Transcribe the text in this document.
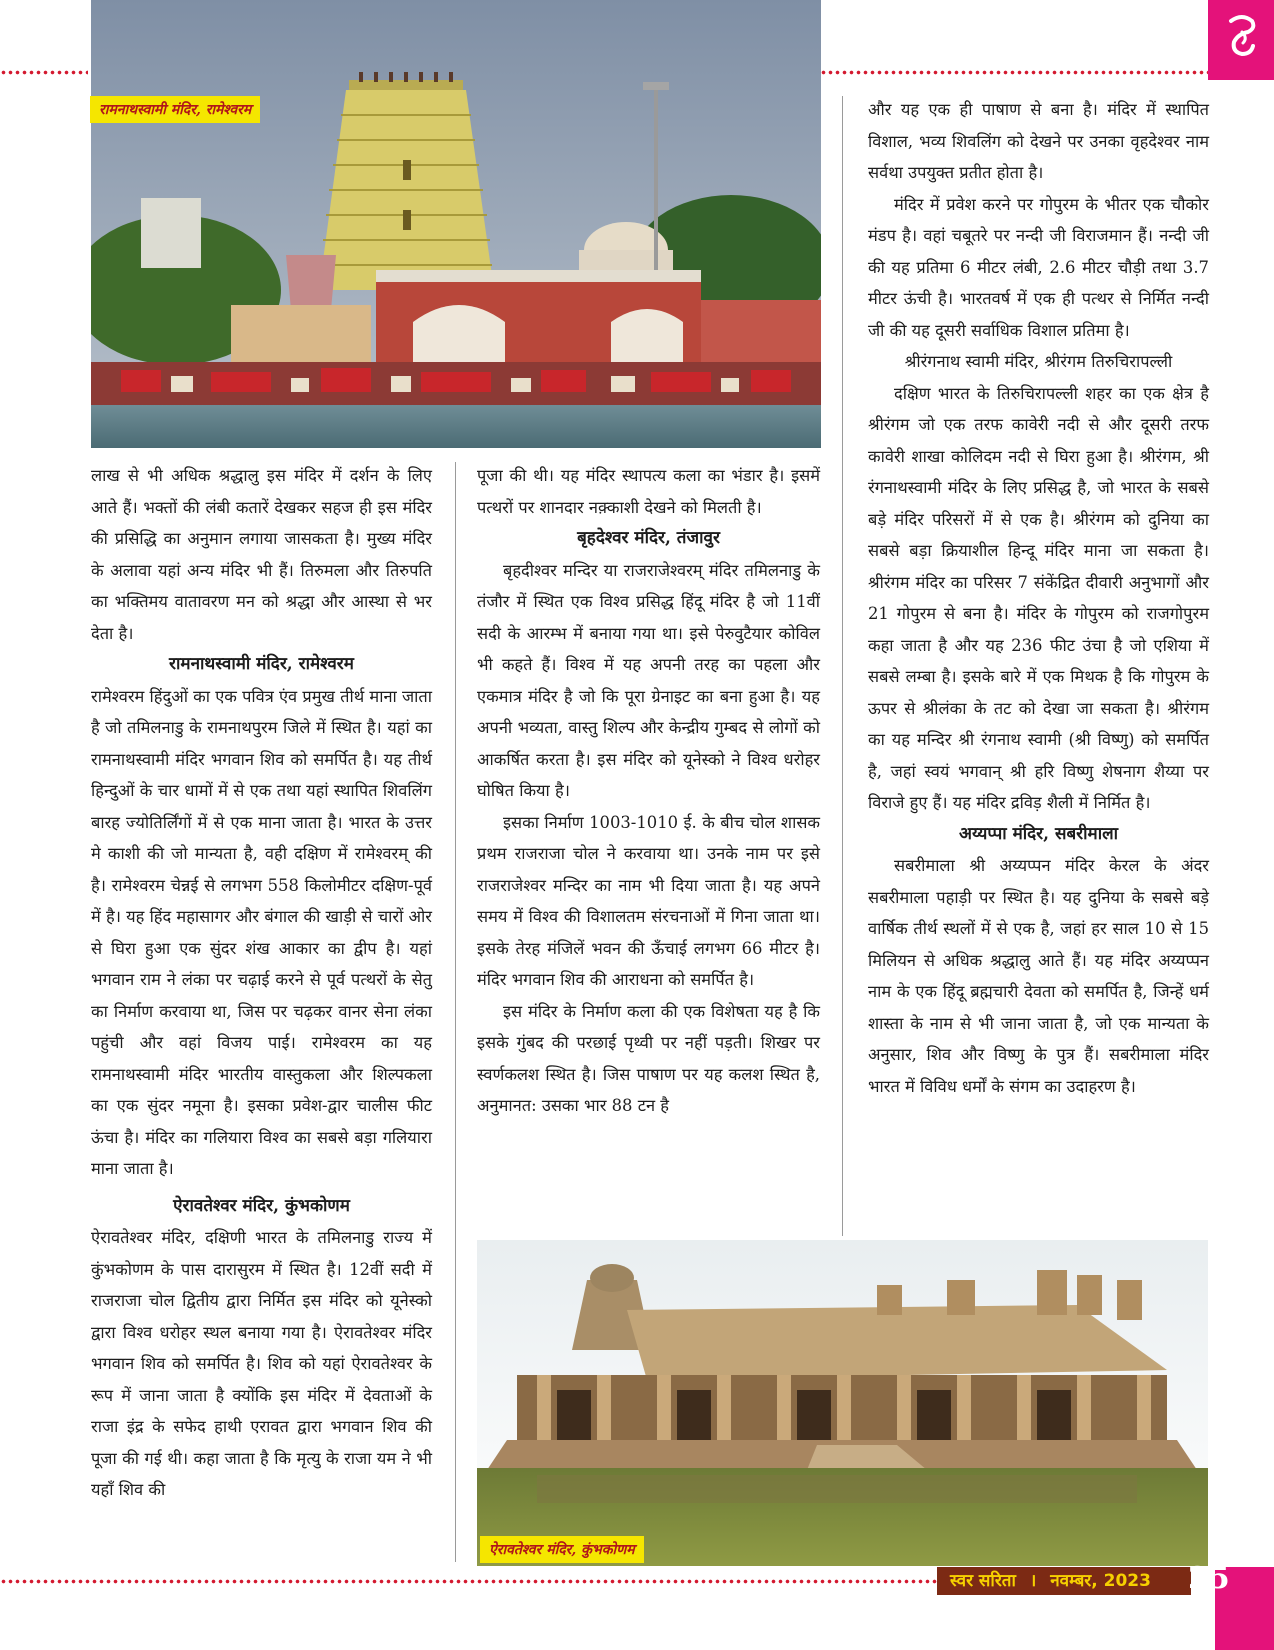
रामनाथस्वामी मंदिर, रामेश्वरम

लाख से भी अधिक श्रद्धालु इस मंदिर में दर्शन के लिए आते हैं। भक्तों की लंबी कतारें देखकर सहज ही इस मंदिर की प्रसिद्धि का अनुमान लगाया जासकता है। मुख्य मंदिर के अलावा यहां अन्य मंदिर भी हैं। तिरुमला और तिरुपति का भक्तिमय वातावरण मन को श्रद्धा और आस्था से भर देता है।

रामनाथस्वामी मंदिर, रामेश्वरम

रामेश्वरम हिंदुओं का एक पवित्र एंव प्रमुख तीर्थ माना जाता है जो तमिलनाडु के रामनाथपुरम जिले में स्थित है। यहां का रामनाथस्वामी मंदिर भगवान शिव को समर्पित है। यह तीर्थ हिन्दुओं के चार धामों में से एक तथा यहां स्थापित शिवलिंग बारह ज्योतिर्लिंगों में से एक माना जाता है। भारत के उत्तर मे काशी की जो मान्यता है, वही दक्षिण में रामेश्वरम् की है। रामेश्वरम चेन्नई से लगभग 558 किलोमीटर दक्षिण-पूर्व में है। यह हिंद महासागर और बंगाल की खाड़ी से चारों ओर से घिरा हुआ एक सुंदर शंख आकार का द्वीप है। यहां भगवान राम ने लंका पर चढ़ाई करने से पूर्व पत्थरों के सेतु का निर्माण करवाया था, जिस पर चढ़कर वानर सेना लंका पहुंची और वहां विजय पाई। रामेश्वरम का यह रामनाथस्वामी मंदिर भारतीय वास्तुकला और शिल्पकला का एक सुंदर नमूना है। इसका प्रवेश-द्वार चालीस फीट ऊंचा है। मंदिर का गलियारा विश्व का सबसे बड़ा गलियारा माना जाता है।

ऐरावतेश्वर मंदिर, कुंभकोणम

ऐरावतेश्वर मंदिर, दक्षिणी भारत के तमिलनाडु राज्य में कुंभकोणम के पास दारासुरम में स्थित है। 12वीं सदी में राजराजा चोल द्वितीय द्वारा निर्मित इस मंदिर को यूनेस्को द्वारा विश्व धरोहर स्थल बनाया गया है। ऐरावतेश्वर मंदिर भगवान शिव को समर्पित है। शिव को यहां ऐरावतेश्वर के रूप में जाना जाता है क्योंकि इस मंदिर में देवताओं के राजा इंद्र के सफेद हाथी एरावत द्वारा भगवान शिव की पूजा की गई थी। कहा जाता है कि मृत्यु के राजा यम ने भी यहाँ शिव की

पूजा की थी। यह मंदिर स्थापत्य कला का भंडार है। इसमें पत्थरों पर शानदार नक़्काशी देखने को मिलती है।

बृहदेश्वर मंदिर, तंजावुर

बृहदीश्वर मन्दिर या राजराजेश्वरम् मंदिर तमिलनाडु के तंजौर में स्थित एक विश्व प्रसिद्ध हिंदू मंदिर है जो 11वीं सदी के आरम्भ में बनाया गया था। इसे पेरुवुटैयार कोविल भी कहते हैं। विश्व में यह अपनी तरह का पहला और एकमात्र मंदिर है जो कि पूरा ग्रेनाइट का बना हुआ है। यह अपनी भव्यता, वास्तु शिल्प और केन्द्रीय गुम्बद से लोगों को आकर्षित करता है। इस मंदिर को यूनेस्को ने विश्व धरोहर घोषित किया है।

इसका निर्माण 1003-1010 ई. के बीच चोल शासक प्रथम राजराजा चोल ने करवाया था। उनके नाम पर इसे राजराजेश्वर मन्दिर का नाम भी दिया जाता है। यह अपने समय में विश्व की विशालतम संरचनाओं में गिना जाता था। इसके तेरह मंजिलें भवन की ऊँचाई लगभग 66 मीटर है। मंदिर भगवान शिव की आराधना को समर्पित है।

इस मंदिर के निर्माण कला की एक विशेषता यह है कि इसके गुंबद की परछाई पृथ्वी पर नहीं पड़ती। शिखर पर स्वर्णकलश स्थित है। जिस पाषाण पर यह कलश स्थित है, अनुमानत: उसका भार 88 टन है

और यह एक ही पाषाण से बना है। मंदिर में स्थापित विशाल, भव्य शिवलिंग को देखने पर उनका वृहदेश्वर नाम सर्वथा उपयुक्त प्रतीत होता है।

मंदिर में प्रवेश करने पर गोपुरम के भीतर एक चौकोर मंडप है। वहां चबूतरे पर नन्दी जी विराजमान हैं। नन्दी जी की यह प्रतिमा 6 मीटर लंबी, 2.6 मीटर चौड़ी तथा 3.7 मीटर ऊंची है। भारतवर्ष में एक ही पत्थर से निर्मित नन्दी जी की यह दूसरी सर्वाधिक विशाल प्रतिमा है।

श्रीरंगनाथ स्वामी मंदिर, श्रीरंगम तिरुचिरापल्ली

दक्षिण भारत के तिरुचिरापल्ली शहर का एक क्षेत्र है श्रीरंगम जो एक तरफ कावेरी नदी से और दूसरी तरफ कावेरी शाखा कोलिदम नदी से घिरा हुआ है। श्रीरंगम, श्री रंगनाथस्वामी मंदिर के लिए प्रसिद्ध है, जो भारत के सबसे बड़े मंदिर परिसरों में से एक है। श्रीरंगम को दुनिया का सबसे बड़ा क्रियाशील हिन्दू मंदिर माना जा सकता है। श्रीरंगम मंदिर का परिसर 7 संकेंद्रित दीवारी अनुभागों और 21 गोपुरम से बना है। मंदिर के गोपुरम को राजगोपुरम कहा जाता है और यह 236 फीट उंचा है जो एशिया में सबसे लम्बा है। इसके बारे में एक मिथक है कि गोपुरम के ऊपर से श्रीलंका के तट को देखा जा सकता है। श्रीरंगम का यह मन्दिर श्री रंगनाथ स्वामी (श्री विष्णु) को समर्पित है, जहां स्वयं भगवान् श्री हरि विष्णु शेषनाग शैय्या पर विराजे हुए हैं। यह मंदिर द्रविड़ शैली में निर्मित है।

अय्यप्पा मंदिर, सबरीमाला

सबरीमाला श्री अय्यप्पन मंदिर केरल के अंदर सबरीमाला पहाड़ी पर स्थित है। यह दुनिया के सबसे बड़े वार्षिक तीर्थ स्थलों में से एक है, जहां हर साल 10 से 15 मिलियन से अधिक श्रद्धालु आते हैं। यह मंदिर अय्यप्पन नाम के एक हिंदू ब्रह्मचारी देवता को समर्पित है, जिन्हें धर्म शास्ता के नाम से भी जाना जाता है, जो एक मान्यता के अनुसार, शिव और विष्णु के पुत्र हैं। सबरीमाला मंदिर भारत में विविध धर्मों के संगम का उदाहरण है।

ऐरावतेश्वर मंदिर, कुंभकोणम
स्वर सरिता । नवम्बर, 2023 25
